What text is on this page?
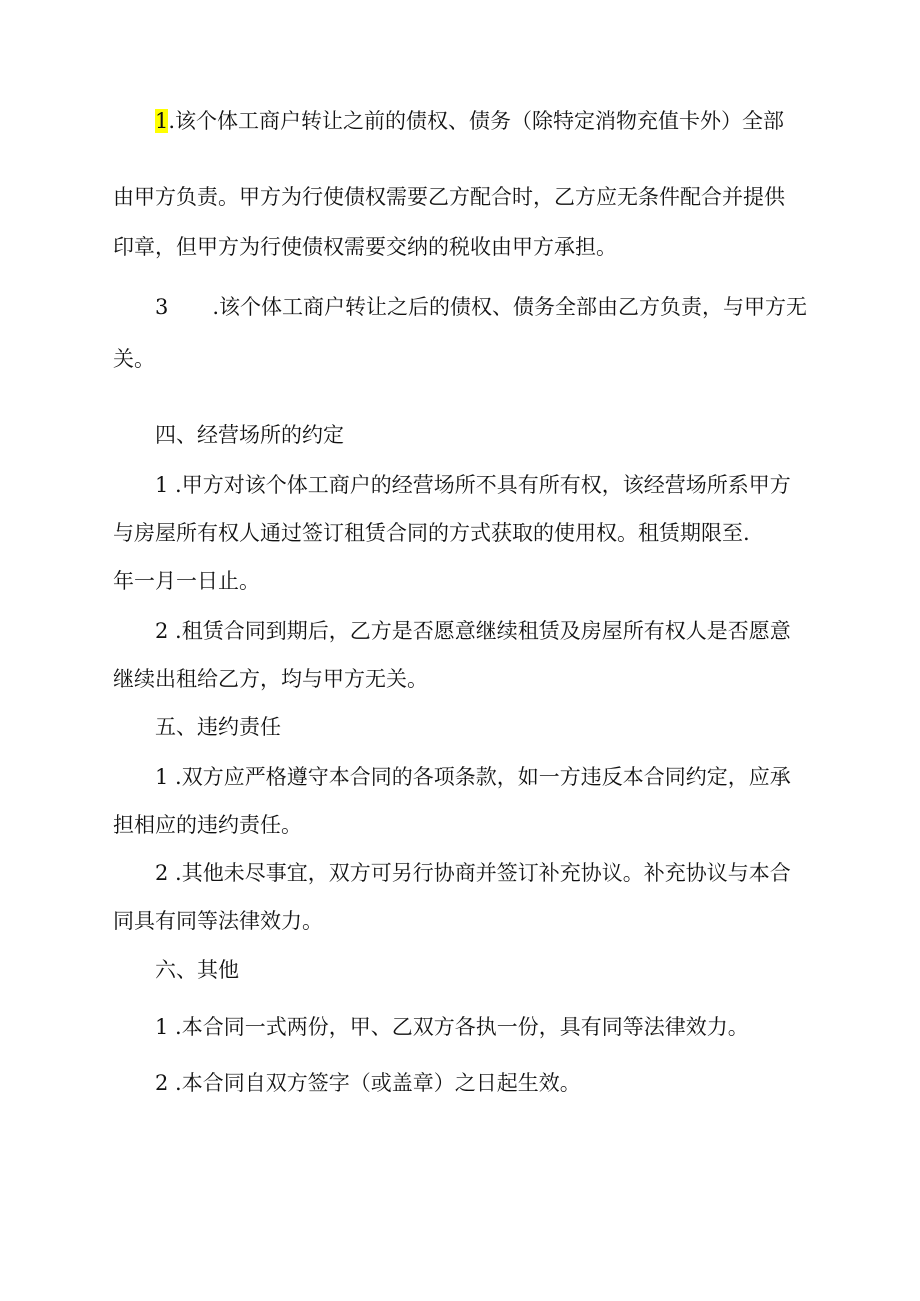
1.该个体工商户转让之前的债权、债务（除特定消物充值卡外）全部

由甲方负责。甲方为行使债权需要乙方配合时，乙方应无条件配合并提供

印章，但甲方为行使债权需要交纳的税收由甲方承担。

3 .该个体工商户转让之后的债权、债务全部由乙方负责，与甲方无

关。

四、经营场所的约定

1 .甲方对该个体工商户的经营场所不具有所有权，该经营场所系甲方

与房屋所有权人通过签订租赁合同的方式获取的使用权。租赁期限至.

年一月一日止。

2 .租赁合同到期后，乙方是否愿意继续租赁及房屋所有权人是否愿意

继续出租给乙方，均与甲方无关。

五、违约责任

1 .双方应严格遵守本合同的各项条款，如一方违反本合同约定，应承

担相应的违约责任。

2 .其他未尽事宜，双方可另行协商并签订补充协议。补充协议与本合

同具有同等法律效力。

六、其他

1 .本合同一式两份，甲、乙双方各执一份，具有同等法律效力。

2 .本合同自双方签字（或盖章）之日起生效。
